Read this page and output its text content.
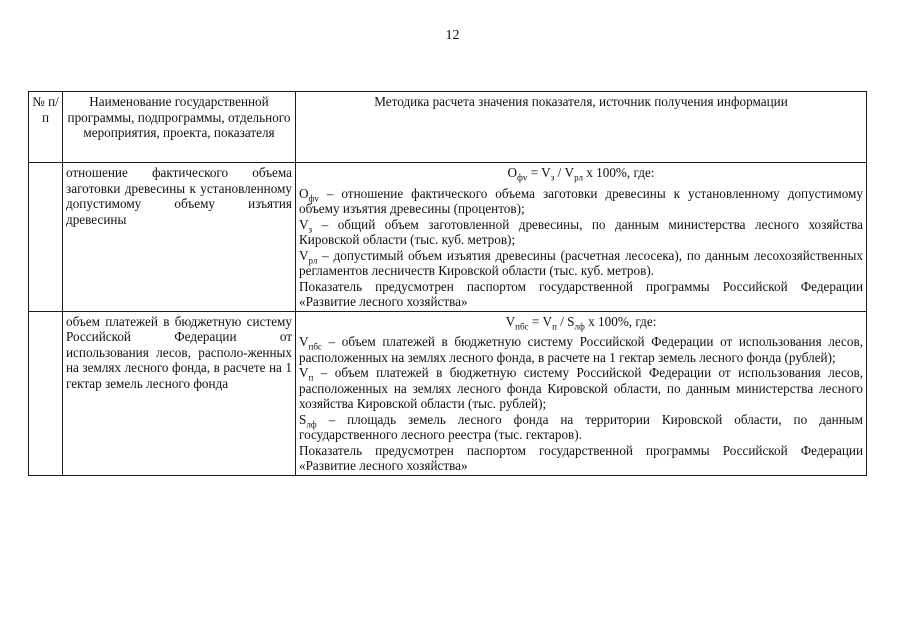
12
№ п/п	Наименование государственной программы, подпрограммы, отдельного мероприятия, проекта, показателя	Методика расчета значения показателя, источник получения информации
	отношение фактического объема заготовки древесины к установленному допустимому объему изъятия древесины	$О_{фv} = V_з / V_{рл}$ x 100%, где:

$О_{фv}$ – отношение фактического объема заготовки древесины к установленному допустимому объему изъятия древесины (процентов);

$V_з$ – общий объем заготовленной древесины, по данным министерства лесного хозяйства Кировской области (тыс. куб. метров);

$V_{рл}$ – допустимый объем изъятия древесины (расчетная лесосека), по данным лесохозяйственных регламентов лесничеств Кировской области (тыс. куб. метров).

Показатель предусмотрен паспортом государственной программы Российской Федерации «Развитие лесного хозяйства»

	объем платежей в бюджетную систему Российской Федерации от использования лесов, располо-женных на землях лесного фонда, в расчете на 1 гектар земель лесного фонда	$V_{пбс} = V_п / S_{лф}$ x 100%, где:

$V_{пбс}$ – объем платежей в бюджетную систему Российской Федерации от использования лесов, расположенных на землях лесного фонда, в расчете на 1 гектар земель лесного фонда (рублей);

$V_п$ – объем платежей в бюджетную систему Российской Федерации от использования лесов, расположенных на землях лесного фонда Кировской области, по данным министерства лесного хозяйства Кировской области (тыс. рублей);

$S_{лф}$ – площадь земель лесного фонда на территории Кировской области, по данным государственного лесного реестра (тыс. гектаров).

Показатель предусмотрен паспортом государственной программы Российской Федерации «Развитие лесного хозяйства»
